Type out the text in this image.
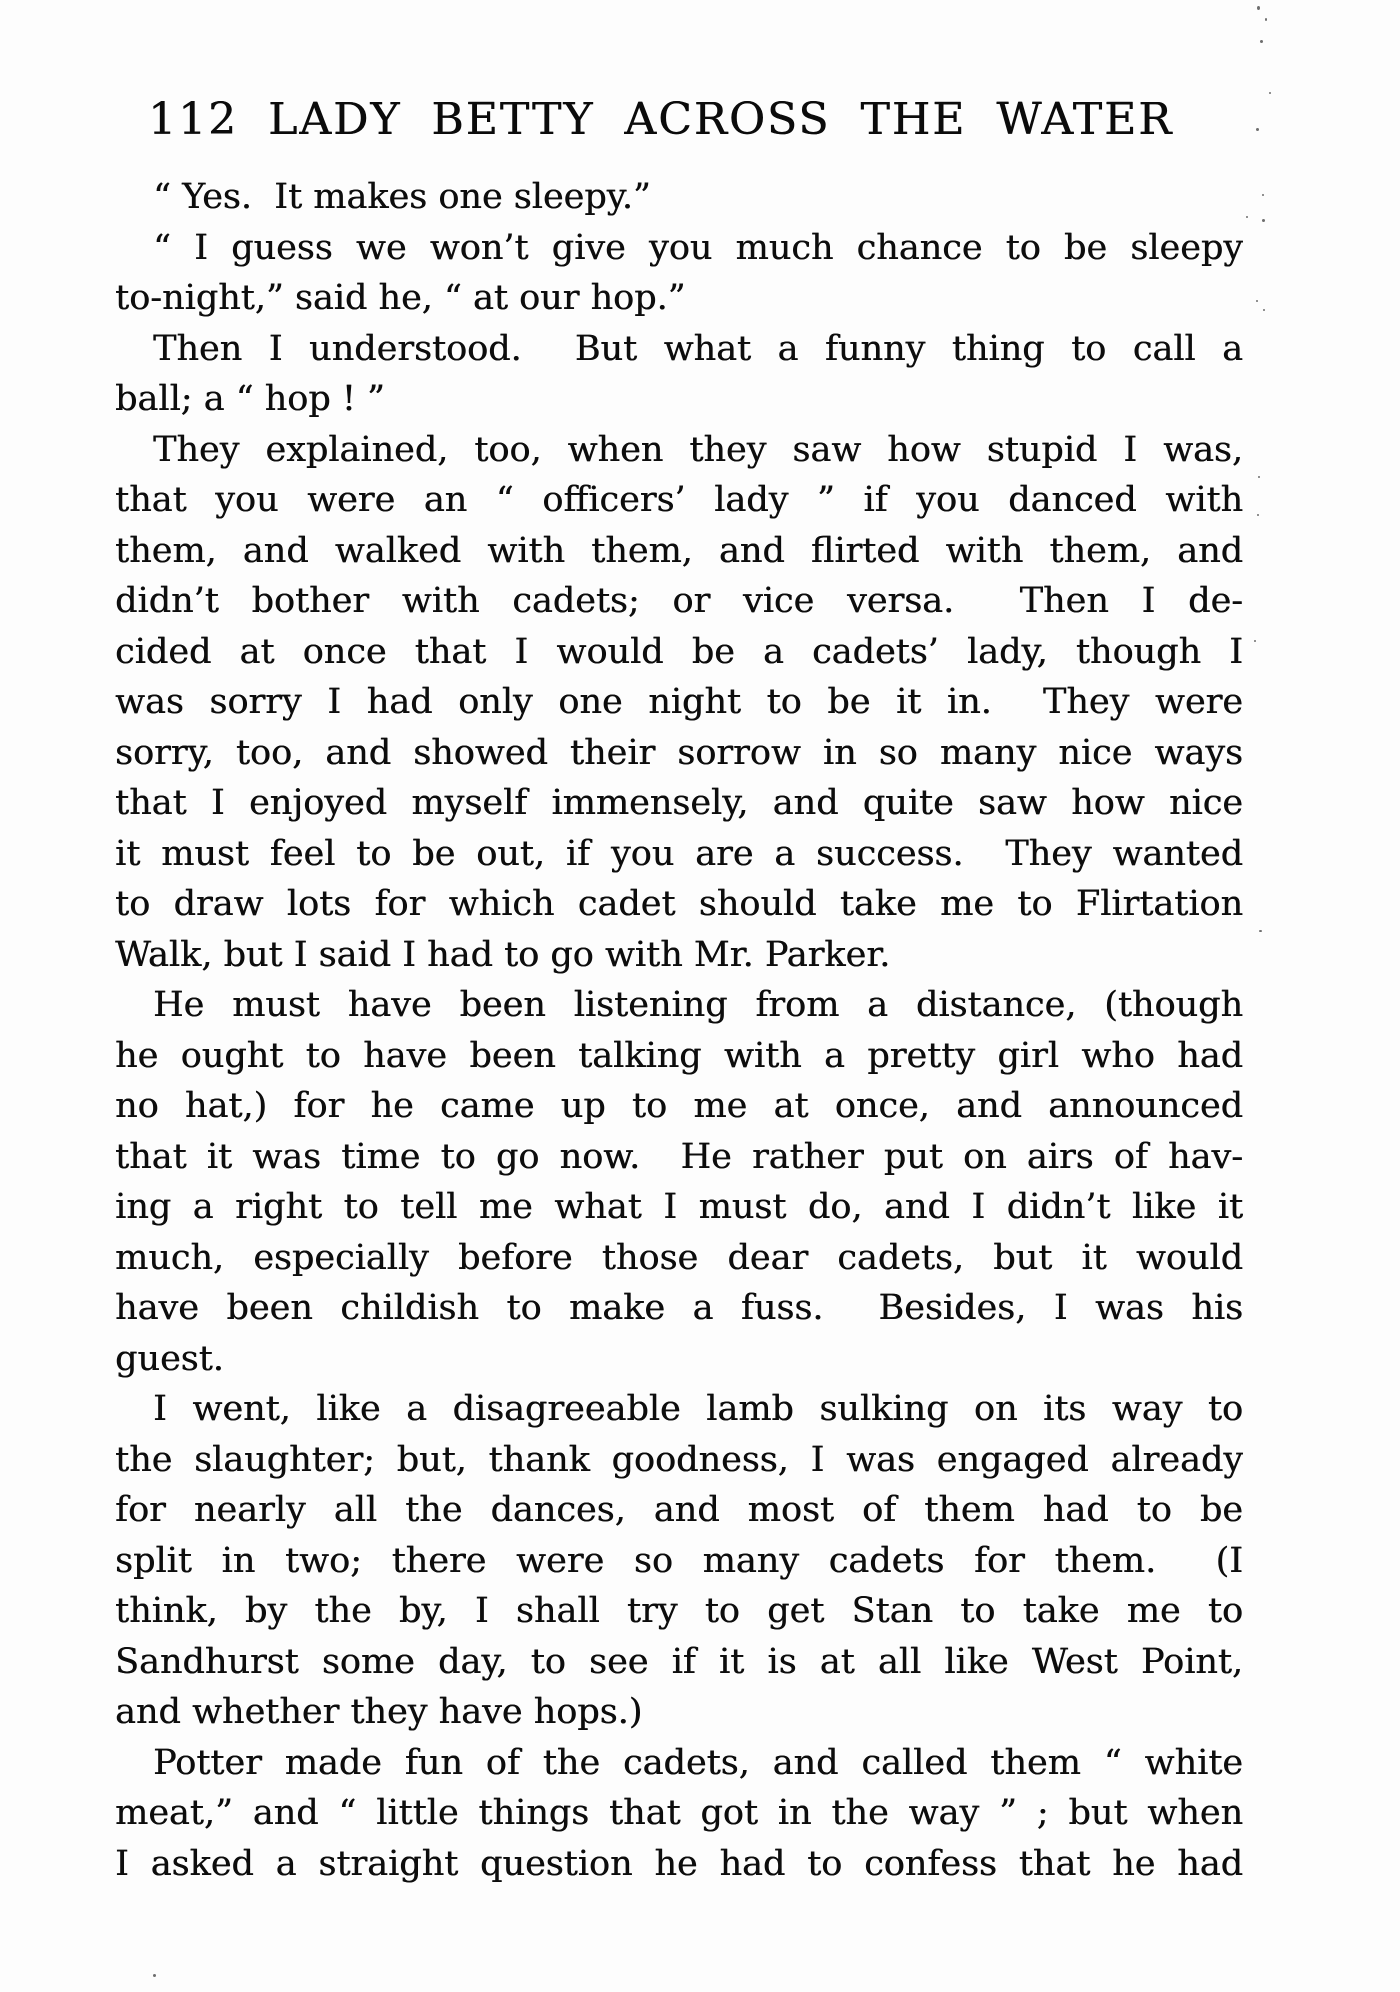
112 LADY BETTY ACROSS THE WATER
“ Yes.  It makes one sleepy.”
“ I guess we won’t give you much chance to be sleepy
to-night,” said he, “ at our hop.”
Then I understood.  But what a funny thing to call a
ball; a “ hop ! ”
They explained, too, when they saw how stupid I was,
that you were an “ officers’ lady ” if you danced with
them, and walked with them, and flirted with them, and
didn’t bother with cadets; or vice versa.  Then I de-
cided at once that I would be a cadets’ lady, though I
was sorry I had only one night to be it in.  They were
sorry, too, and showed their sorrow in so many nice ways
that I enjoyed myself immensely, and quite saw how nice
it must feel to be out, if you are a success.  They wanted
to draw lots for which cadet should take me to Flirtation
Walk, but I said I had to go with Mr. Parker.
He must have been listening from a distance, (though
he ought to have been talking with a pretty girl who had
no hat,) for he came up to me at once, and announced
that it was time to go now.  He rather put on airs of hav-
ing a right to tell me what I must do, and I didn’t like it
much, especially before those dear cadets, but it would
have been childish to make a fuss.  Besides, I was his
guest.
I went, like a disagreeable lamb sulking on its way to
the slaughter; but, thank goodness, I was engaged already
for nearly all the dances, and most of them had to be
split in two; there were so many cadets for them.  (I
think, by the by, I shall try to get Stan to take me to
Sandhurst some day, to see if it is at all like West Point,
and whether they have hops.)
Potter made fun of the cadets, and called them “ white
meat,” and “ little things that got in the way ” ; but when
I asked a straight question he had to confess that he had
